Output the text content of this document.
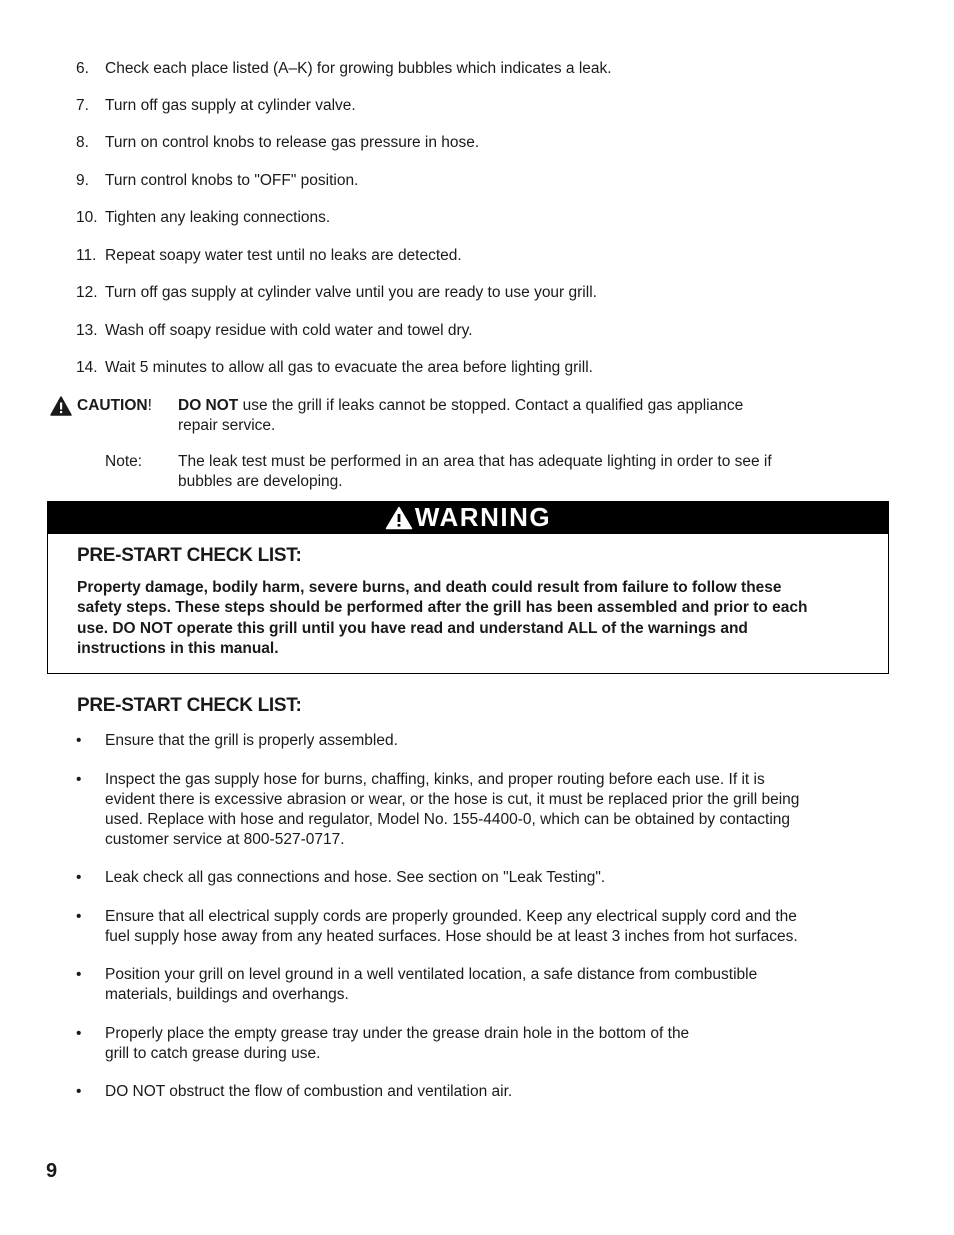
6. Check each place listed (A–K) for growing bubbles which indicates a leak.
7. Turn off gas supply at cylinder valve.
8. Turn on control knobs to release gas pressure in hose.
9. Turn control knobs to "OFF" position.
10. Tighten any leaking connections.
11. Repeat soapy water test until no leaks are detected.
12. Turn off gas supply at cylinder valve until you are ready to use your grill.
13. Wash off soapy residue with cold water and towel dry.
14. Wait 5 minutes to allow all gas to evacuate the area before lighting grill.
CAUTION! DO NOT use the grill if leaks cannot be stopped. Contact a qualified gas appliance
repair service.
Note: The leak test must be performed in an area that has adequate lighting in order to see if
bubbles are developing.
WARNING
PRE-START CHECK LIST:
Property damage, bodily harm, severe burns, and death could result from failure to follow these
safety steps. These steps should be performed after the grill has been assembled and prior to each
use. DO NOT operate this grill until you have read and understand ALL of the warnings and
instructions in this manual.
PRE-START CHECK LIST:
• Ensure that the grill is properly assembled.
• Inspect the gas supply hose for burns, chaffing, kinks, and proper routing before each use. If it is
evident there is excessive abrasion or wear, or the hose is cut, it must be replaced prior the grill being
used. Replace with hose and regulator, Model No. 155-4400-0, which can be obtained by contacting
customer service at 800-527-0717.
• Leak check all gas connections and hose. See section on "Leak Testing".
• Ensure that all electrical supply cords are properly grounded. Keep any electrical supply cord and the
fuel supply hose away from any heated surfaces. Hose should be at least 3 inches from hot surfaces.
• Position your grill on level ground in a well ventilated location, a safe distance from combustible
materials, buildings and overhangs.
• Properly place the empty grease tray under the grease drain hole in the bottom of the
grill to catch grease during use.
• DO NOT obstruct the flow of combustion and ventilation air.
9
